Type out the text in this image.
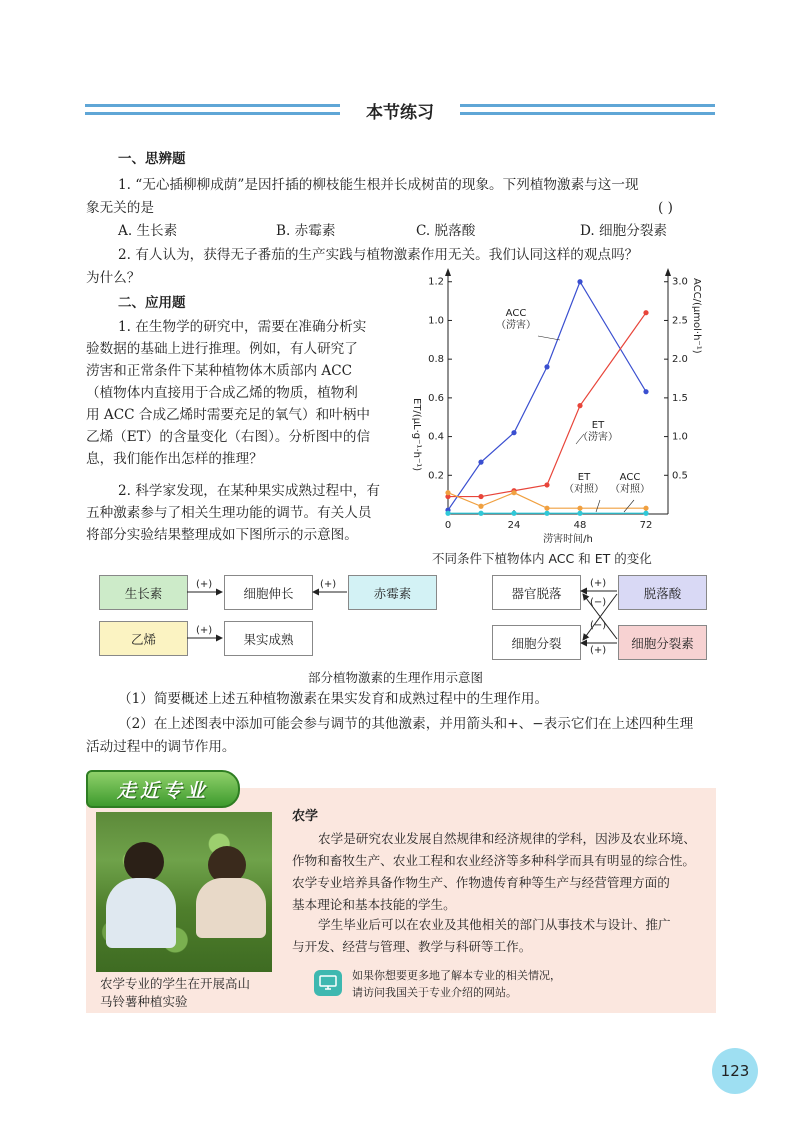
本节练习
一、思辨题
1. “无心插柳柳成荫”是因扦插的柳枝能生根并长成树苗的现象。下列植物激素与这一现
象无关的是	( )
A. 生长素	B. 赤霉素	C. 脱落酸	D. 细胞分裂素
2. 有人认为，获得无子番茄的生产实践与植物激素作用无关。我们认同这样的观点吗？
为什么？
二、应用题
1. 在生物学的研究中，需要在准确分析实
验数据的基础上进行推理。例如，有人研究了
涝害和正常条件下某种植物体木质部内 ACC
（植物体内直接用于合成乙烯的物质，植物利
用 ACC 合成乙烯时需要充足的氧气）和叶柄中
乙烯（ET）的含量变化（右图）。分析图中的信
息，我们能作出怎样的推理？
2. 科学家发现，在某种果实成熟过程中，有
五种激素参与了相关生理功能的调节。有关人员
将部分实验结果整理成如下图所示的示意图。
0	24	48	72
0.2
0.4
0.6
0.8
1.0
1.2
0.5
1.0
1.5
2.0
2.5
3.0
ET/(μL·g⁻¹·h⁻¹)
ACC/(μmol·h⁻¹)
涝害时间/h
ACC
（涝害）
ET
（涝害）
ET
（对照）
ACC
（对照）
不同条件下植物体内 ACC 和 ET 的变化
生长素	细胞伸长	赤霉素
乙烯	果实成熟
器官脱落	脱落酸
细胞分裂	细胞分裂素
(+)	(+)
(+)
(+)
(−)
(−)
(+)
部分植物激素的生理作用示意图
（1）简要概述上述五种植物激素在果实发育和成熟过程中的生理作用。
（2）在上述图表中添加可能会参与调节的其他激素，并用箭头和+、−表示它们在上述四种生理
活动过程中的调节作用。
走近专业
农学专业的学生在开展高山
马铃薯种植实验
农学
农学是研究农业发展自然规律和经济规律的学科，因涉及农业环境、
作物和畜牧生产、农业工程和农业经济等多种科学而具有明显的综合性。
农学专业培养具备作物生产、作物遗传育种等生产与经营管理方面的
基本理论和基本技能的学生。
学生毕业后可以在农业及其他相关的部门从事技术与设计、推广
与开发、经营与管理、教学与科研等工作。
如果你想要更多地了解本专业的相关情况，
请访问我国关于专业介绍的网站。
123
